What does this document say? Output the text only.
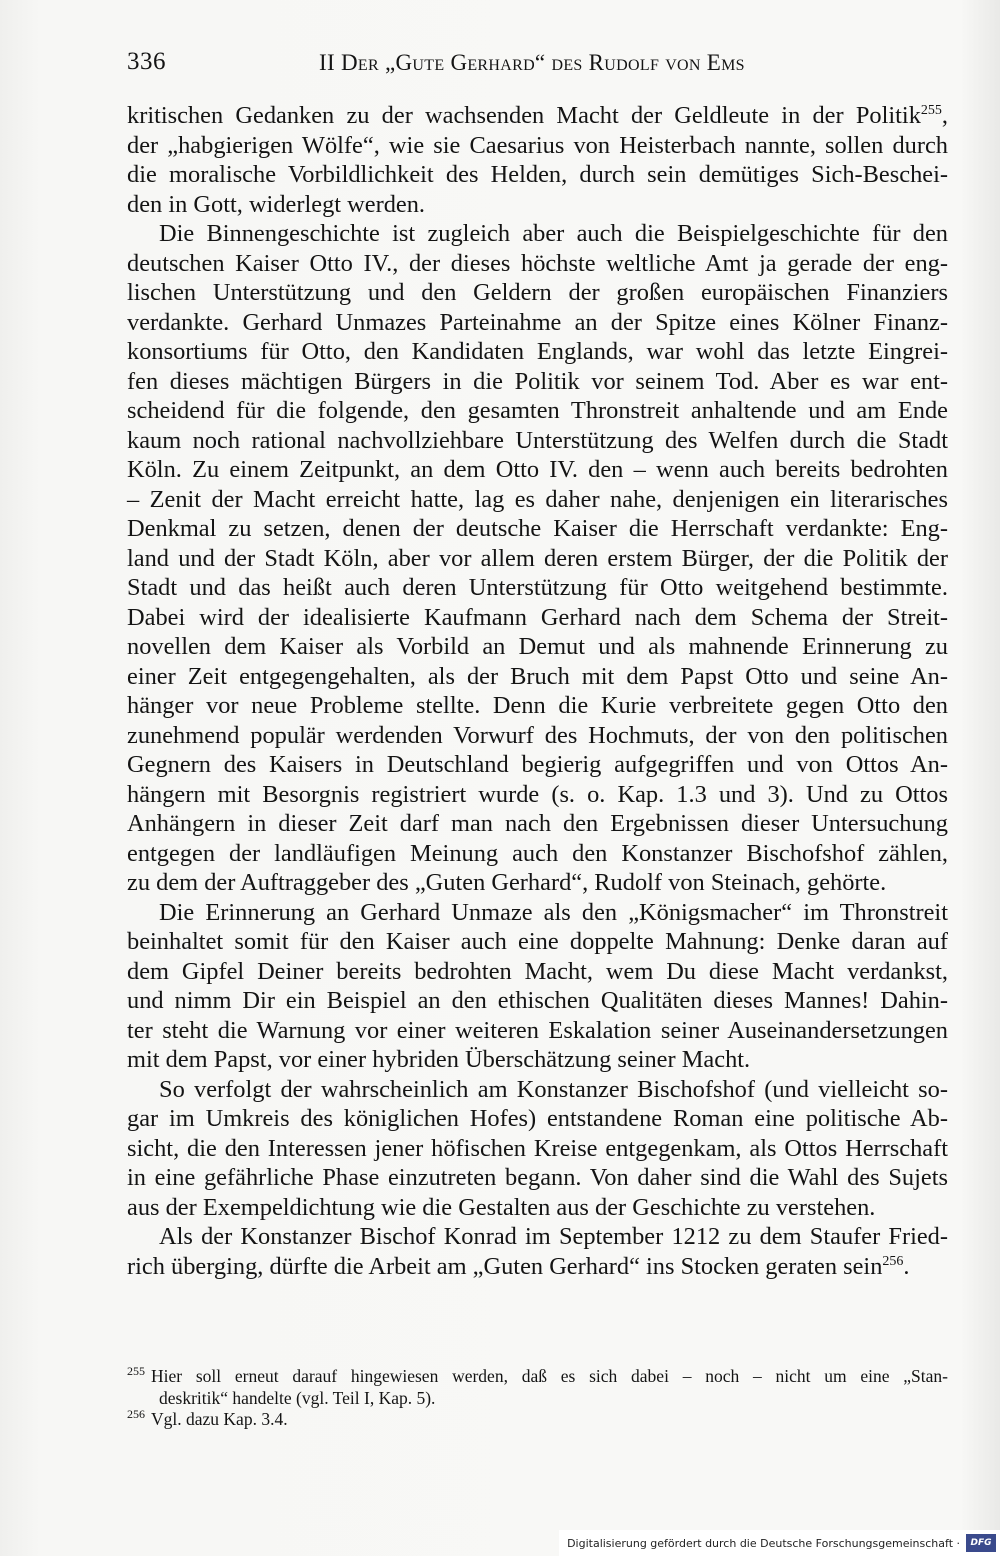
336	II Der „Gute Gerhard“ des Rudolf von Ems
kritischen Gedanken zu der wachsenden Macht der Geldleute in der Politik$^{255}$,
der „habgierigen Wölfe“, wie sie Caesarius von Heisterbach nannte, sollen durch
die moralische Vorbildlichkeit des Helden, durch sein demütiges Sich-Beschei-
den in Gott, widerlegt werden.
Die Binnengeschichte ist zugleich aber auch die Beispielgeschichte für den
deutschen Kaiser Otto IV., der dieses höchste weltliche Amt ja gerade der eng-
lischen Unterstützung und den Geldern der großen europäischen Finanziers
verdankte. Gerhard Unmazes Parteinahme an der Spitze eines Kölner Finanz-
konsortiums für Otto, den Kandidaten Englands, war wohl das letzte Eingrei-
fen dieses mächtigen Bürgers in die Politik vor seinem Tod. Aber es war ent-
scheidend für die folgende, den gesamten Thronstreit anhaltende und am Ende
kaum noch rational nachvollziehbare Unterstützung des Welfen durch die Stadt
Köln. Zu einem Zeitpunkt, an dem Otto IV. den – wenn auch bereits bedrohten
– Zenit der Macht erreicht hatte, lag es daher nahe, denjenigen ein literarisches
Denkmal zu setzen, denen der deutsche Kaiser die Herrschaft verdankte: Eng-
land und der Stadt Köln, aber vor allem deren erstem Bürger, der die Politik der
Stadt und das heißt auch deren Unterstützung für Otto weitgehend bestimmte.
Dabei wird der idealisierte Kaufmann Gerhard nach dem Schema der Streit-
novellen dem Kaiser als Vorbild an Demut und als mahnende Erinnerung zu
einer Zeit entgegengehalten, als der Bruch mit dem Papst Otto und seine An-
hänger vor neue Probleme stellte. Denn die Kurie verbreitete gegen Otto den
zunehmend populär werdenden Vorwurf des Hochmuts, der von den politischen
Gegnern des Kaisers in Deutschland begierig aufgegriffen und von Ottos An-
hängern mit Besorgnis registriert wurde (s. o. Kap. 1.3 und 3). Und zu Ottos
Anhängern in dieser Zeit darf man nach den Ergebnissen dieser Untersuchung
entgegen der landläufigen Meinung auch den Konstanzer Bischofshof zählen,
zu dem der Auftraggeber des „Guten Gerhard“, Rudolf von Steinach, gehörte.
Die Erinnerung an Gerhard Unmaze als den „Königsmacher“ im Thronstreit
beinhaltet somit für den Kaiser auch eine doppelte Mahnung: Denke daran auf
dem Gipfel Deiner bereits bedrohten Macht, wem Du diese Macht verdankst,
und nimm Dir ein Beispiel an den ethischen Qualitäten dieses Mannes! Dahin-
ter steht die Warnung vor einer weiteren Eskalation seiner Auseinandersetzungen
mit dem Papst, vor einer hybriden Überschätzung seiner Macht.
So verfolgt der wahrscheinlich am Konstanzer Bischofshof (und vielleicht so-
gar im Umkreis des königlichen Hofes) entstandene Roman eine politische Ab-
sicht, die den Interessen jener höfischen Kreise entgegenkam, als Ottos Herrschaft
in eine gefährliche Phase einzutreten begann. Von daher sind die Wahl des Sujets
aus der Exempeldichtung wie die Gestalten aus der Geschichte zu verstehen.
Als der Konstanzer Bischof Konrad im September 1212 zu dem Staufer Fried-
rich überging, dürfte die Arbeit am „Guten Gerhard“ ins Stocken geraten sein$^{256}$.
$^{255}$ Hier soll erneut darauf hingewiesen werden, daß es sich dabei – noch – nicht um eine „Stan-
deskritik“ handelte (vgl. Teil I, Kap. 5).
$^{256}$ Vgl. dazu Kap. 3.4.
Digitalisierung gefördert durch die Deutsche Forschungsgemeinschaft ·	DFG
